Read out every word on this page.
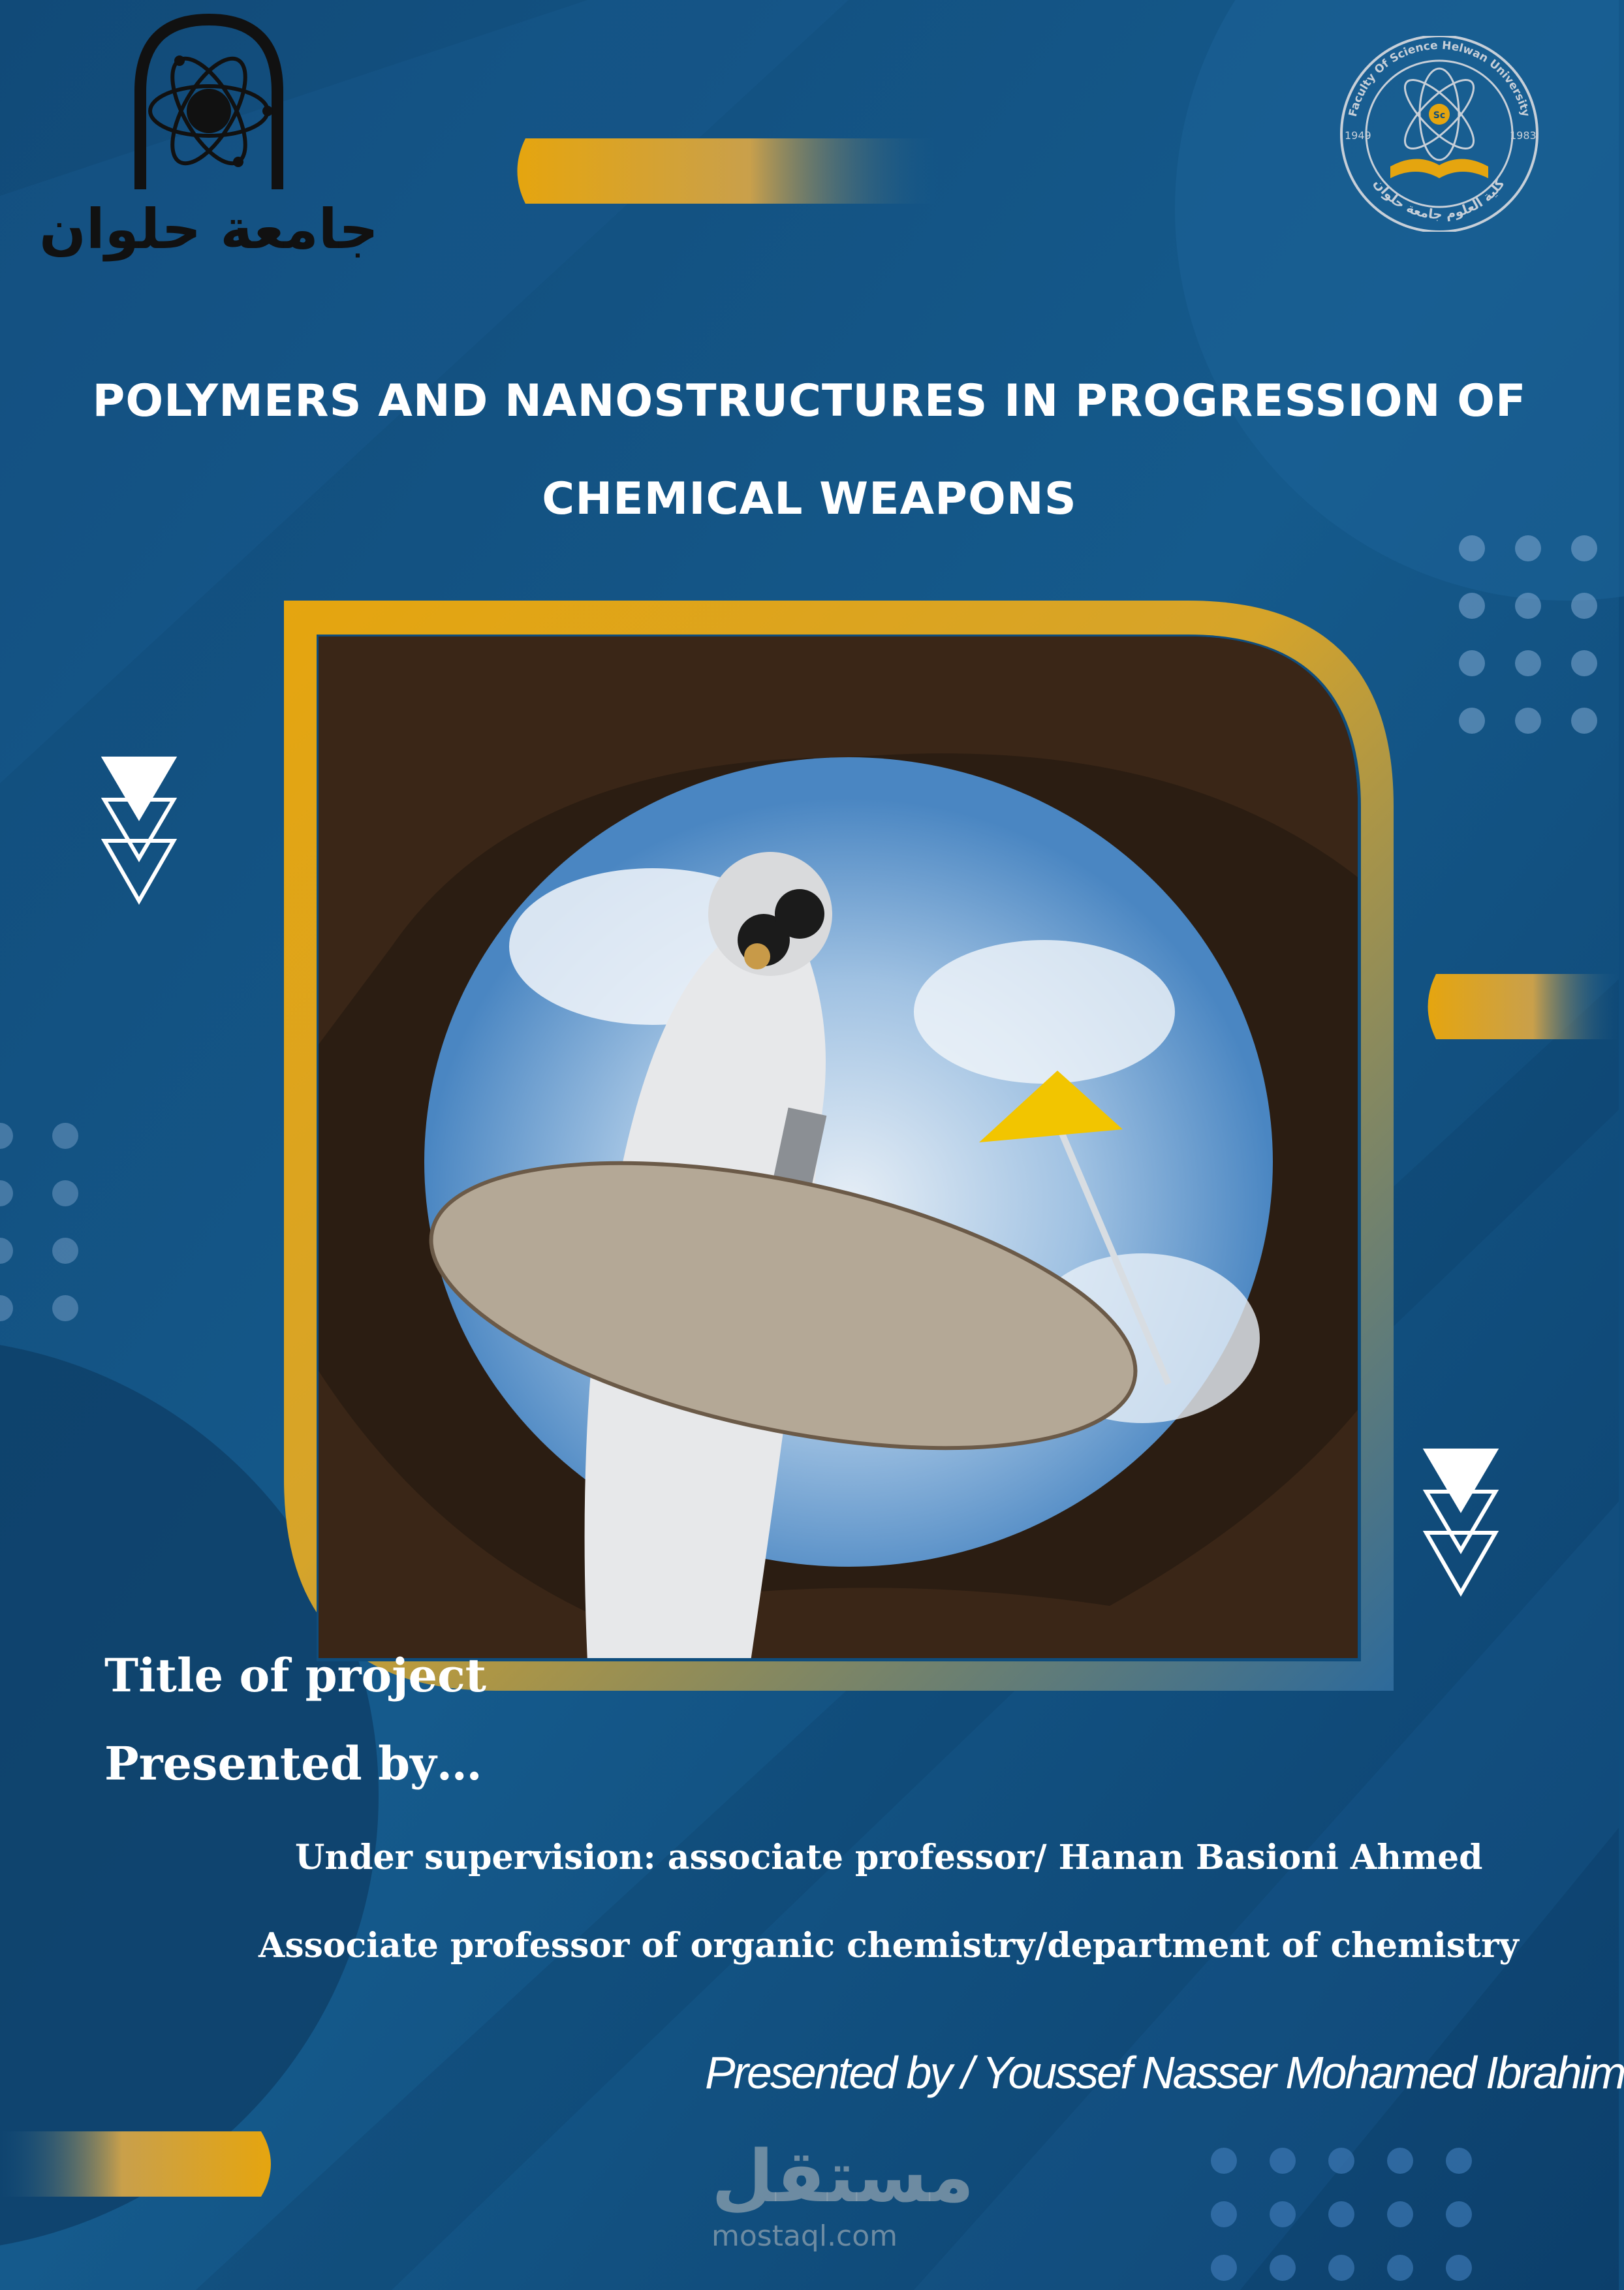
جامعة حلوان
Faculty Of Science Helwan University
كلية العلوم جامعة حلوان
1949	1983
Sc
POLYMERS AND NANOSTRUCTURES IN PROGRESSION OF
CHEMICAL WEAPONS
Title of project
Presented by…
Under supervision: associate professor/ Hanan Basioni Ahmed
Associate professor of organic chemistry/department of chemistry
Presented by / Youssef Nasser Mohamed Ibrahim
مستقل
mostaql.com
